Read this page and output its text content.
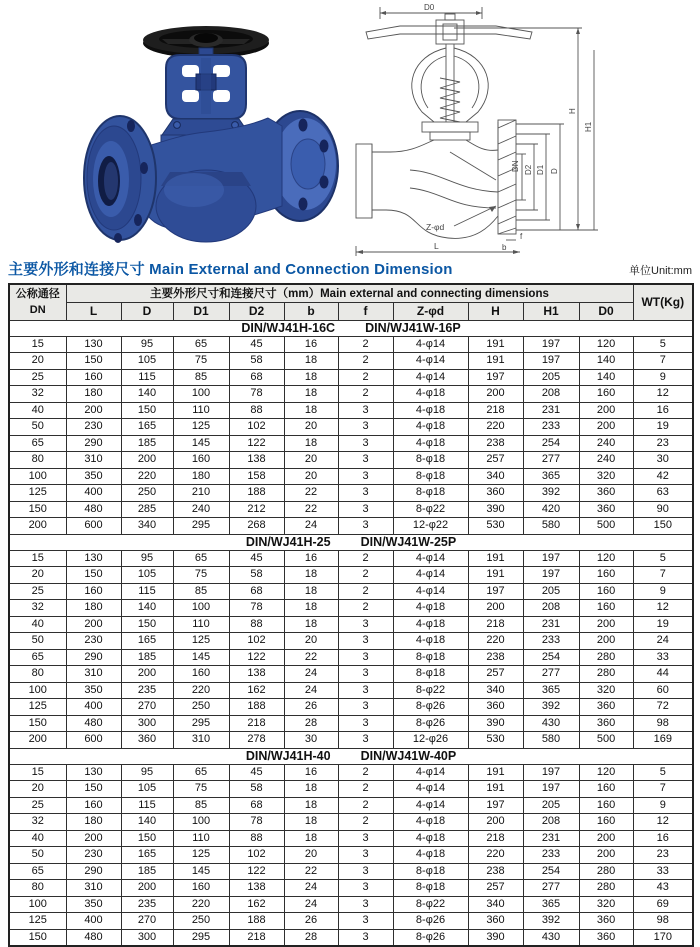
D0
DN D2 D1 D
H
H1
Z-φd
f
b
L
主要外形和连接尺寸 Main External and Connection Dimension	单位Unit:mm
公称通径
DN	主要外形尺寸和连接尺寸（mm）Main external and connecting dimensions										WT(Kg)
	L	D	D1	D2	b	f	Z-φd	H	H1	D0	
DIN/WJ41H-16C DIN/WJ41W-16P											
15	130	95	65	45	16	2	4-φ14	191	197	120	5
20	150	105	75	58	18	2	4-φ14	191	197	140	7
25	160	115	85	68	18	2	4-φ14	197	205	140	9
32	180	140	100	78	18	2	4-φ18	200	208	160	12
40	200	150	110	88	18	3	4-φ18	218	231	200	16
50	230	165	125	102	20	3	4-φ18	220	233	200	19
65	290	185	145	122	18	3	4-φ18	238	254	240	23
80	310	200	160	138	20	3	8-φ18	257	277	240	30
100	350	220	180	158	20	3	8-φ18	340	365	320	42
125	400	250	210	188	22	3	8-φ18	360	392	360	63
150	480	285	240	212	22	3	8-φ22	390	420	360	90
200	600	340	295	268	24	3	12-φ22	530	580	500	150
DIN/WJ41H-25 DIN/WJ41W-25P											
15	130	95	65	45	16	2	4-φ14	191	197	120	5
20	150	105	75	58	18	2	4-φ14	191	197	160	7
25	160	115	85	68	18	2	4-φ14	197	205	160	9
32	180	140	100	78	18	2	4-φ18	200	208	160	12
40	200	150	110	88	18	3	4-φ18	218	231	200	19
50	230	165	125	102	20	3	4-φ18	220	233	200	24
65	290	185	145	122	22	3	8-φ18	238	254	280	33
80	310	200	160	138	24	3	8-φ18	257	277	280	44
100	350	235	220	162	24	3	8-φ22	340	365	320	60
125	400	270	250	188	26	3	8-φ26	360	392	360	72
150	480	300	295	218	28	3	8-φ26	390	430	360	98
200	600	360	310	278	30	3	12-φ26	530	580	500	169
DIN/WJ41H-40 DIN/WJ41W-40P											
15	130	95	65	45	16	2	4-φ14	191	197	120	5
20	150	105	75	58	18	2	4-φ14	191	197	160	7
25	160	115	85	68	18	2	4-φ14	197	205	160	9
32	180	140	100	78	18	2	4-φ18	200	208	160	12
40	200	150	110	88	18	3	4-φ18	218	231	200	16
50	230	165	125	102	20	3	4-φ18	220	233	200	23
65	290	185	145	122	22	3	8-φ18	238	254	280	33
80	310	200	160	138	24	3	8-φ18	257	277	280	43
100	350	235	220	162	24	3	8-φ22	340	365	320	69
125	400	270	250	188	26	3	8-φ26	360	392	360	98
150	480	300	295	218	28	3	8-φ26	390	430	360	170
